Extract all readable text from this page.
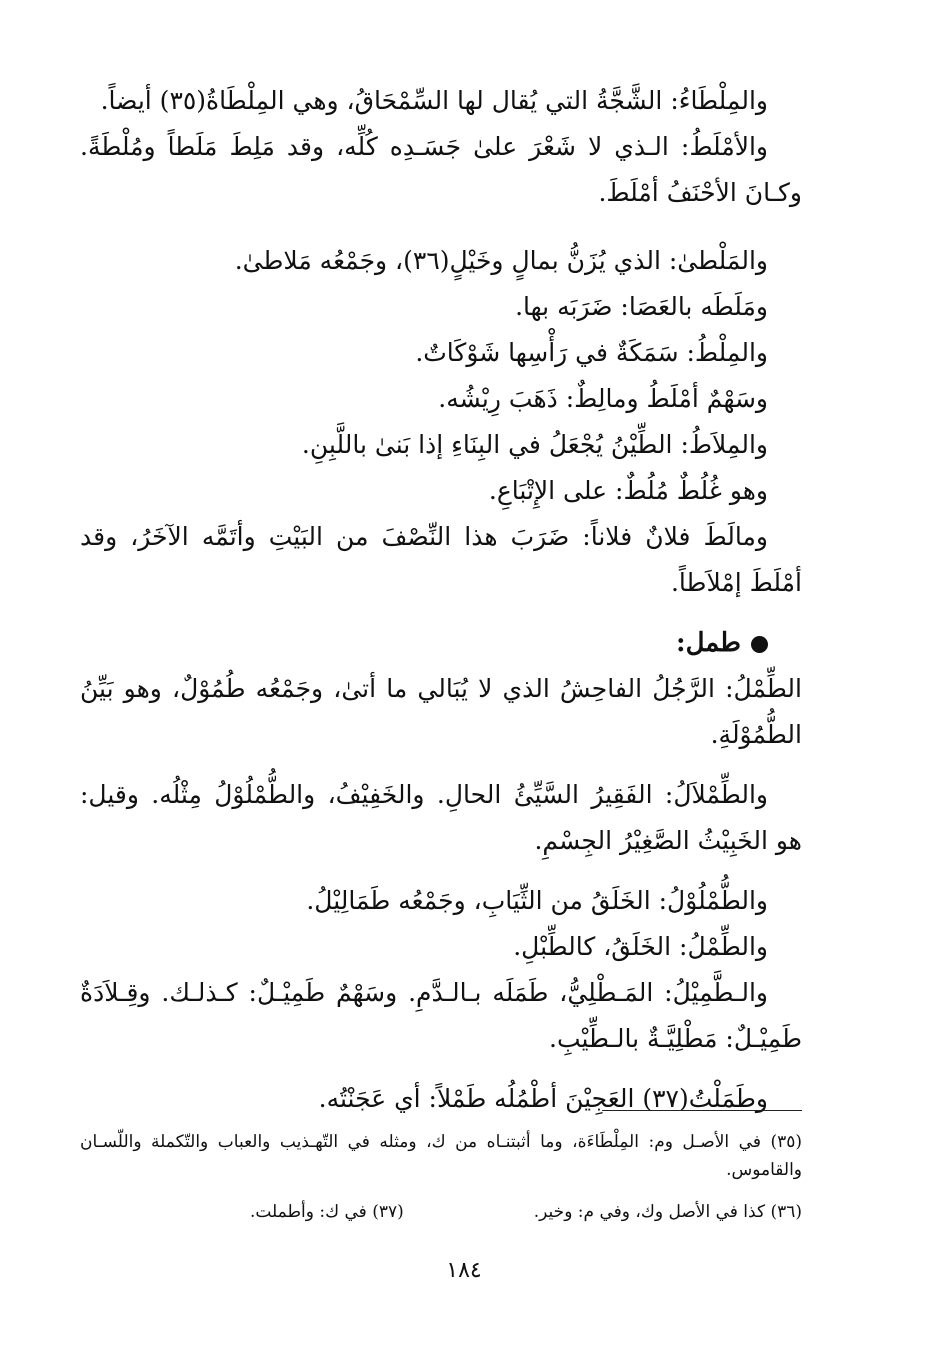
والمِلْطَاءُ: الشَّجَّةُ التي يُقال لها السِّمْحَاقُ، وهي المِلْطَاةُ(٣٥) أيضاً.

والأمْلَطُ: الـذي لا شَعْرَ علىٰ جَسَـدِه كُلِّه، وقد مَلِطَ مَلَطاً ومُلْطَةً. وكـانَ الأحْنَفُ أمْلَطَ.

والمَلْطىٰ: الذي يُزَنُّ بمالٍ وخَيْلٍ(٣٦)، وجَمْعُه مَلاطىٰ.

ومَلَطَه بالعَصَا: ضَرَبَه بها.

والمِلْطُ: سَمَكَةٌ في رَأْسِها شَوْكَاتٌ.

وسَهْمٌ أمْلَطُ ومالِطٌ: ذَهَبَ رِيْشُه.

والمِلاَطُ: الطِّيْنُ يُجْعَلُ في البِنَاءِ إذا بَنىٰ باللَّبِنِ.

وهو غُلُطٌ مُلُطٌ: على الإِتْبَاعِ.

ومالَطَ فلانٌ فلاناً: ضَرَبَ هذا النِّصْفَ من البَيْتِ وأتَمَّه الآخَرُ، وقد أمْلَطَ إمْلاَطاً.

طمل:

الطِّمْلُ: الرَّجُلُ الفاحِشُ الذي لا يُبَالي ما أتىٰ، وجَمْعُه طُمُوْلٌ، وهو بَيِّنُ الطُّمُوْلَةِ.

والطِّمْلاَلُ: الفَقِيرُ السَّيِّئُ الحالِ. والخَفِيْفُ، والطُّمْلُوْلُ مِثْلُه. وقيل: هو الخَبِيْثُ الصَّغِيْرُ الجِسْمِ.

والطُّمْلُوْلُ: الخَلَقُ من الثِّيَابِ، وجَمْعُه طَمَالِيْلُ.

والطِّمْلُ: الخَلَقُ، كالطِّبْلِ.

والـطَّمِيْلُ: المَـطْلِيُّ، طَمَلَه بـالـدَّمِ. وسَهْمٌ طَمِيْـلٌ: كـذلـك. وقِـلاَدَةٌ طَمِيْـلٌ: مَطْلِيَّـةٌ بالـطِّيْبِ.

وطَمَلْتُ(٣٧) العَجِيْنَ أطْمُلُه طَمْلاً: أي عَجَنْتُه.

(٣٥) في الأصـل وم: المِلْطَاءَة، وما أثبتنـاه من ك، ومثله في التّهـذيب والعباب والتّكملة واللّسـان والقاموس.

(٣٦) كذا في الأصل وك، وفي م: وخير.
(٣٧) في ك: وأطملت.

١٨٤
